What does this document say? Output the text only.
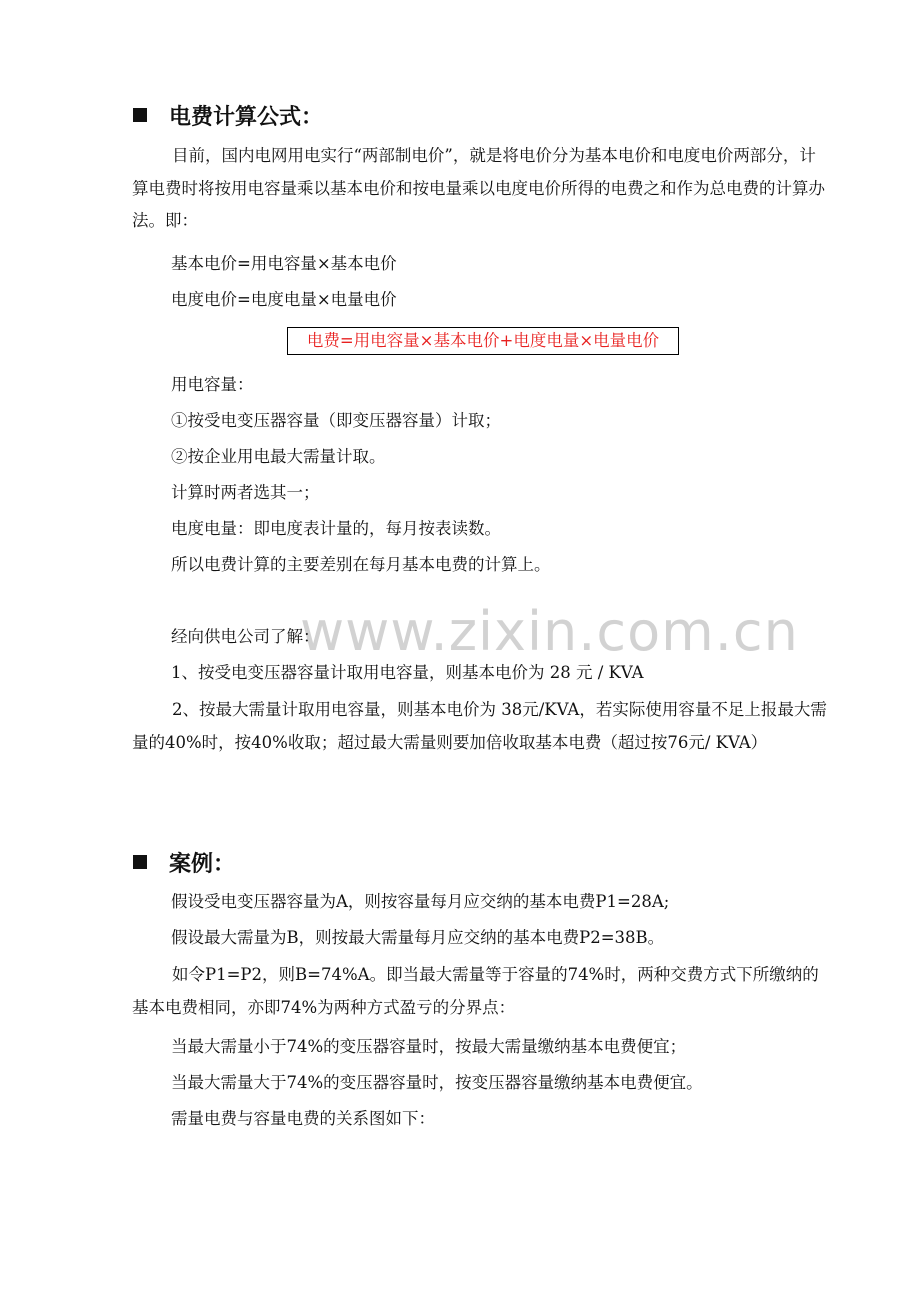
www.zixin.com.cn
电费计算公式：
目前，国内电网用电实行“两部制电价”，就是将电价分为基本电价和电度电价两部分，计算电费时将按用电容量乘以基本电价和按电量乘以电度电价所得的电费之和作为总电费的计算办法。即：
基本电价=用电容量×基本电价
电度电价=电度电量×电量电价
电费=用电容量×基本电价+电度电量×电量电价
用电容量：
①按受电变压器容量（即变压器容量）计取；
②按企业用电最大需量计取。
计算时两者选其一；
电度电量：即电度表计量的，每月按表读数。
所以电费计算的主要差别在每月基本电费的计算上。
经向供电公司了解：
1、按受电变压器容量计取用电容量，则基本电价为 28 元 / KVA
2、按最大需量计取用电容量，则基本电价为 38元/KVA，若实际使用容量不足上报最大需量的40%时，按40%收取；超过最大需量则要加倍收取基本电费（超过按76元/ KVA）
案例：
假设受电变压器容量为A，则按容量每月应交纳的基本电费P1=28A;
假设最大需量为B，则按最大需量每月应交纳的基本电费P2=38B。
如令P1=P2，则B=74%A。即当最大需量等于容量的74%时，两种交费方式下所缴纳的基本电费相同，亦即74%为两种方式盈亏的分界点：
当最大需量小于74%的变压器容量时，按最大需量缴纳基本电费便宜；
当最大需量大于74%的变压器容量时，按变压器容量缴纳基本电费便宜。
需量电费与容量电费的关系图如下：
